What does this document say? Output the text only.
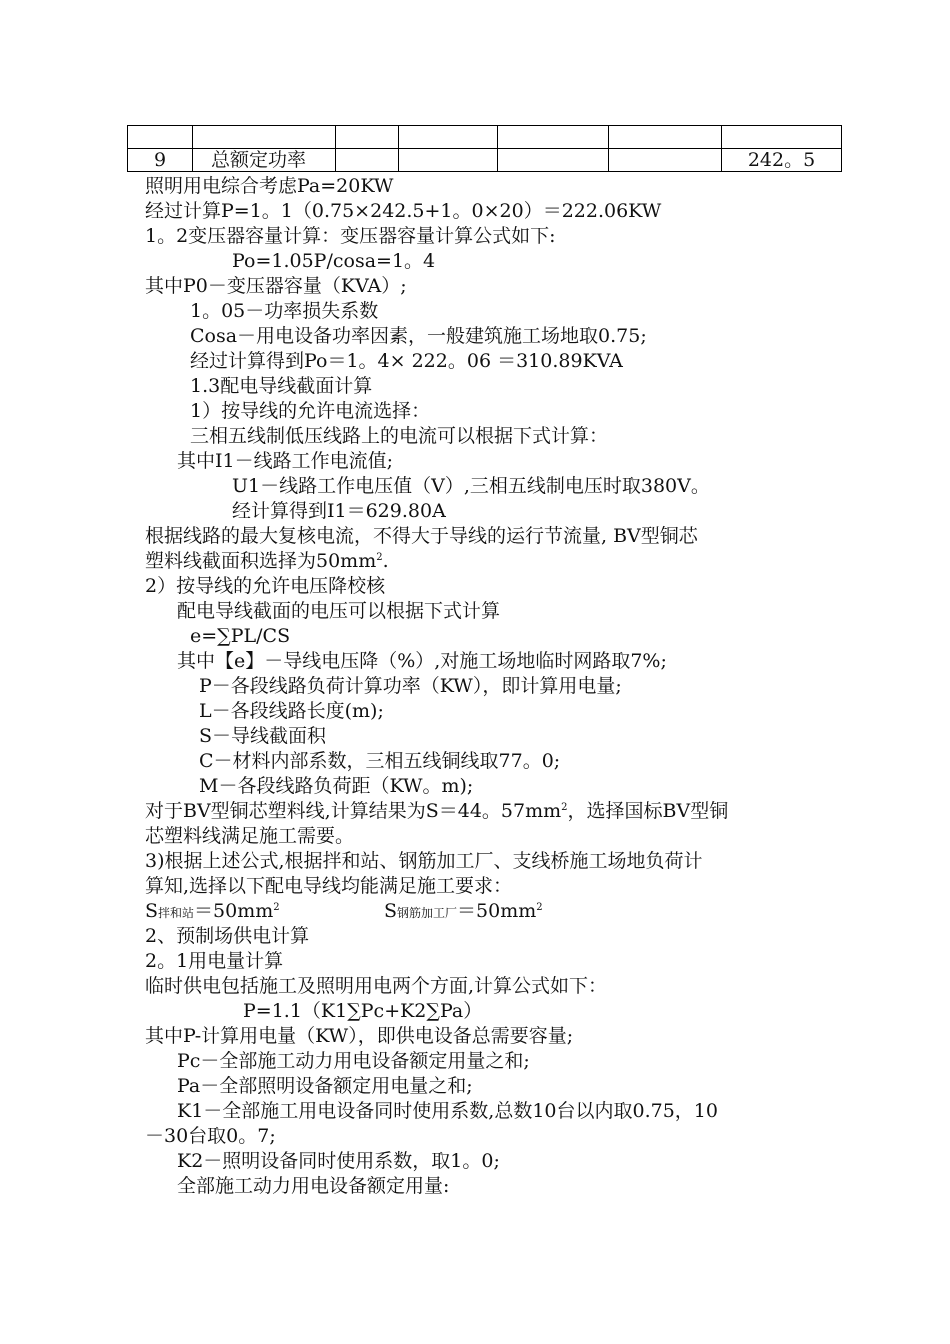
9	总额定功率					242。5
照明用电综合考虑Pa=20KW
经过计算P=1。1（0.75×242.5+1。0×20）＝222.06KW
1。2变压器容量计算：变压器容量计算公式如下:
Po=1.05P/cosa=1。4
其中P0－变压器容量（KVA）;
1。05－功率损失系数
Cosa－用电设备功率因素，一般建筑施工场地取0.75;
经过计算得到Po＝1。4× 222。06 ＝310.89KVA
1.3配电导线截面计算
1）按导线的允许电流选择：
三相五线制低压线路上的电流可以根据下式计算：
其中I1－线路工作电流值;
U1－线路工作电压值（V）,三相五线制电压时取380V。
经计算得到I1＝629.80A
根据线路的最大复核电流，不得大于导线的运行节流量, BV型铜芯
塑料线截面积选择为$50mm^2$.
2）按导线的允许电压降校核
配电导线截面的电压可以根据下式计算
e=∑PL/CS
其中【e】－导线电压降（%）,对施工场地临时网路取7%;
P－各段线路负荷计算功率（KW），即计算用电量;
L－各段线路长度(m);
S－导线截面积
C－材料内部系数，三相五线铜线取77。0;
M－各段线路负荷距（KW。m);
对于BV型铜芯塑料线,计算结果为S＝44。$57mm^2$，选择国标BV型铜
芯塑料线满足施工需要。
3)根据上述公式,根据拌和站、钢筋加工厂、支线桥施工场地负荷计
算知,选择以下配电导线均能满足施工要求：
S拌和站$=50mm^2$	S钢筋加工厂$=50mm^2$
2、预制场供电计算
2。1用电量计算
临时供电包括施工及照明用电两个方面,计算公式如下：
P=1.1（K1∑Pc+K2∑Pa）
其中P-计算用电量（KW），即供电设备总需要容量;
Pc－全部施工动力用电设备额定用量之和;
Pa－全部照明设备额定用电量之和;
K1－全部施工用电设备同时使用系数,总数10台以内取0.75，10
－30台取0。7;
K2－照明设备同时使用系数，取1。0;
全部施工动力用电设备额定用量:
